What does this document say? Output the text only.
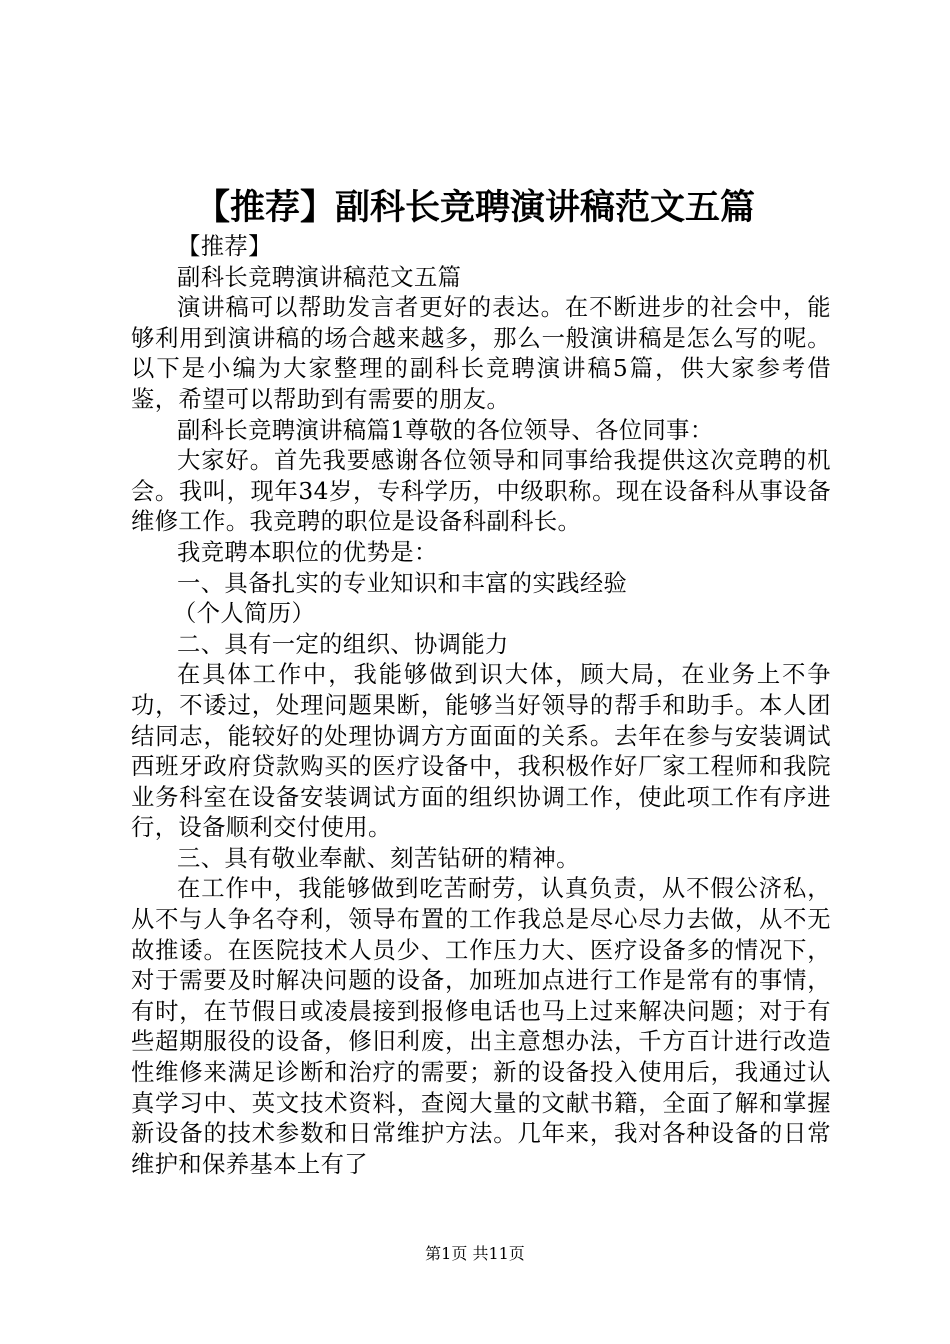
【推荐】副科长竞聘演讲稿范文五篇

【推荐】

副科长竞聘演讲稿范文五篇

演讲稿可以帮助发言者更好的表达。在不断进步的社会中，能够利用到演讲稿的场合越来越多，那么一般演讲稿是怎么写的呢。以下是小编为大家整理的副科长竞聘演讲稿5篇，供大家参考借鉴，希望可以帮助到有需要的朋友。

副科长竞聘演讲稿篇1尊敬的各位领导、各位同事：

大家好。首先我要感谢各位领导和同事给我提供这次竞聘的机会。我叫，现年34岁，专科学历，中级职称。现在设备科从事设备维修工作。我竞聘的职位是设备科副科长。

我竞聘本职位的优势是：

一、具备扎实的专业知识和丰富的实践经验

（个人简历）

二、具有一定的组织、协调能力

在具体工作中，我能够做到识大体，顾大局，在业务上不争功，不诿过，处理问题果断，能够当好领导的帮手和助手。本人团结同志，能较好的处理协调方方面面的关系。去年在参与安装调试西班牙政府贷款购买的医疗设备中，我积极作好厂家工程师和我院业务科室在设备安装调试方面的组织协调工作，使此项工作有序进行，设备顺利交付使用。

三、具有敬业奉献、刻苦钻研的精神。

在工作中，我能够做到吃苦耐劳，认真负责，从不假公济私，从不与人争名夺利，领导布置的工作我总是尽心尽力去做，从不无故推诿。在医院技术人员少、工作压力大、医疗设备多的情况下，对于需要及时解决问题的设备，加班加点进行工作是常有的事情，有时，在节假日或凌晨接到报修电话也马上过来解决问题；对于有些超期服役的设备，修旧利废，出主意想办法，千方百计进行改造性维修来满足诊断和治疗的需要；新的设备投入使用后，我通过认真学习中、英文技术资料，查阅大量的文献书籍，全面了解和掌握新设备的技术参数和日常维护方法。几年来，我对各种设备的日常维护和保养基本上有了

第1页 共11页
